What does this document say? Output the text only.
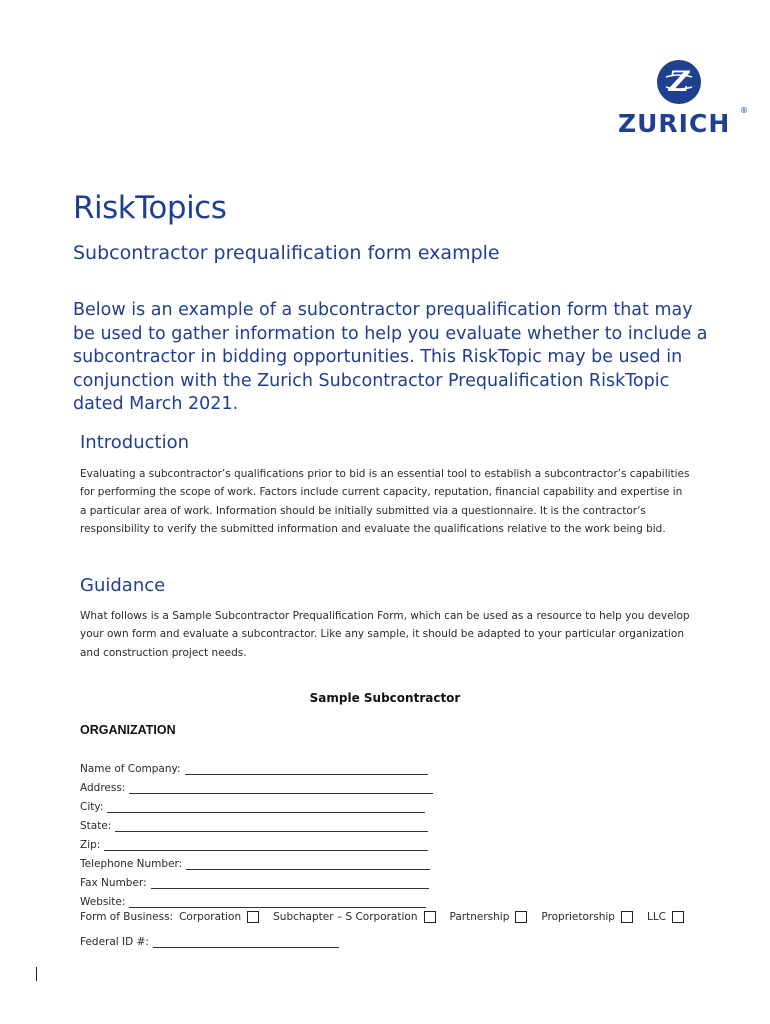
Z
ZURICH ®
RiskTopics
Subcontractor prequalification form example

Below is an example of a subcontractor prequalification form that may be used to gather information to help you evaluate whether to include a subcontractor in bidding opportunities. This RiskTopic may be used in conjunction with the Zurich Subcontractor Prequalification RiskTopic dated March 2021.

Introduction

Evaluating a subcontractor’s qualifications prior to bid is an essential tool to establish a subcontractor’s capabilities for performing the scope of work. Factors include current capacity, reputation, financial capability and expertise in a particular area of work. Information should be initially submitted via a questionnaire. It is the contractor’s responsibility to verify the submitted information and evaluate the qualifications relative to the work being bid.

Guidance

What follows is a Sample Subcontractor Prequalification Form, which can be used as a resource to help you develop your own form and evaluate a subcontractor. Like any sample, it should be adapted to your particular organization and construction project needs.

Sample Subcontractor
ORGANIZATION
Name of Company:
Address:
City:
State:
Zip:
Telephone Number:
Fax Number:
Website:
Form of Business: Corporation	Subchapter – S Corporation	Partnership	Proprietorship	LLC
Federal ID #:
